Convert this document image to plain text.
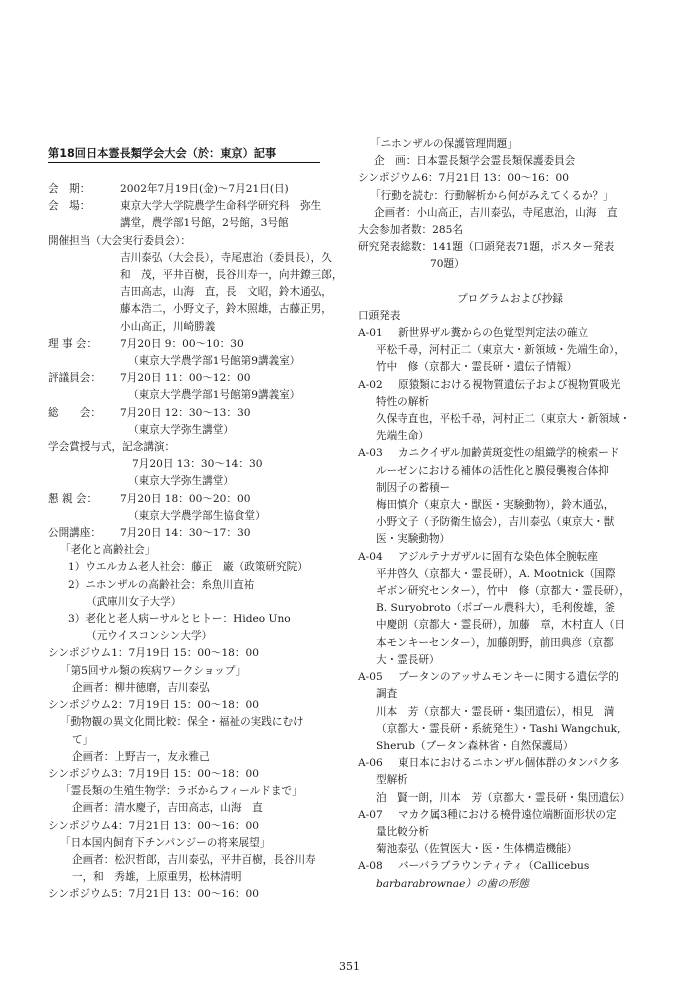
第18回日本霊長類学会大会（於：東京）記事
会　期：	2002年7月19日(金)〜7月21日(日)
会　場：	東京大学大学院農学生命科学研究科　弥生
講堂，農学部1号館，2号館，3号館
開催担当（大会実行委員会）：
吉川泰弘（大会長），寺尾恵治（委員長），久
和　茂，平井百樹，長谷川寿一，向井鐐三郎，
吉田高志，山海　直，長　文昭，鈴木通弘，
藤本浩二，小野文子，鈴木照雄，古藤正男，
小山高正，川崎勝義
理 事 会：	7月20日 9：00〜10：30
（東京大学農学部1号館第9講義室）
評議員会：	7月20日 11：00〜12：00
（東京大学農学部1号館第9講義室）
総　　会：	7月20日 12：30〜13：30
（東京大学弥生講堂）
学会賞授与式，記念講演：
7月20日 13：30〜14：30
（東京大学弥生講堂）
懇 親 会：	7月20日 18：00〜20：00
（東京大学農学部生協食堂）
公開講座：	7月20日 14：30〜17：30
「老化と高齢社会」
1）ウエルカム老人社会：藤正　巌（政策研究院）
2）ニホンザルの高齢社会：糸魚川直祐
（武庫川女子大学）
3）老化と老人病ーサルとヒトー：Hideo Uno
（元ウイスコンシン大学）
シンポジウム1：7月19日 15：00〜18：00
「第5回サル類の疾病ワークショップ」
企画者：柳井徳磨，吉川泰弘
シンポジウム2：7月19日 15：00〜18：00
「動物観の異文化間比較：保全・福祉の実践にむけ
て」
企画者：上野吉一，友永雅己
シンポジウム3：7月19日 15：00〜18：00
「霊長類の生殖生物学：ラボからフィールドまで」
企画者：清水慶子，吉田高志，山海　直
シンポジウム4：7月21日 13：00〜16：00
「日本国内飼育下チンパンジーの将来展望」
企画者：松沢哲郎，吉川泰弘，平井百樹，長谷川寿
一，和　秀雄，上原重男，松林清明
シンポジウム5：7月21日 13：00〜16：00
「ニホンザルの保護管理問題」
企　画：日本霊長類学会霊長類保護委員会
シンポジウム6：7月21日 13：00〜16：00
「行動を読む：行動解析から何がみえてくるか？」
企画者：小山高正，吉川泰弘，寺尾恵治，山海　直
大会参加者数：285名
研究発表総数：141題（口頭発表71題，ポスター発表
70題）
プログラムおよび抄録
口頭発表
A-01	新世界ザル糞からの色覚型判定法の確立
平松千尋，河村正二（東京大・新領域・先端生命），
竹中　修（京都大・霊長研・遺伝子情報）
A-02	原猿類における視物質遺伝子および視物質吸光
特性の解析
久保寺直也，平松千尋，河村正二（東京大・新領域・
先端生命）
A-03	カニクイザル加齢黄斑変性の組織学的検索ード
ルーゼンにおける補体の活性化と膜侵襲複合体抑
制因子の蓄積ー
梅田慎介（東京大・獣医・実験動物），鈴木通弘，
小野文子（予防衛生協会），吉川泰弘（東京大・獣
医・実験動物）
A-04	アジルテナガザルに固有な染色体全腕転座
平井啓久（京都大・霊長研），A. Mootnick（国際
ギボン研究センター），竹中　修（京都大・霊長研），
B. Suryobroto（ボゴール農科大），毛利俊雄，釜
中慶朗（京都大・霊長研），加藤　章，木村直人（日
本モンキーセンター），加藤朗野，前田典彦（京都
大・霊長研）
A-05	ブータンのアッサムモンキーに関する遺伝学的
調査
川本　芳（京都大・霊長研・集団遺伝），相見　満
（京都大・霊長研・系統発生）・Tashi Wangchuk,
Sherub（ブータン森林省・自然保護局）
A-06	東日本におけるニホンザル個体群のタンパク多
型解析
泊　賢一朗，川本　芳（京都大・霊長研・集団遺伝）
A-07	マカク属3種における橈骨遠位端断面形状の定
量比較分析
菊池泰弘（佐賀医大・医・生体構造機能）
A-08	バーバラブラウンティティ（Callicebus
barbarabrownae）の歯の形態
351
